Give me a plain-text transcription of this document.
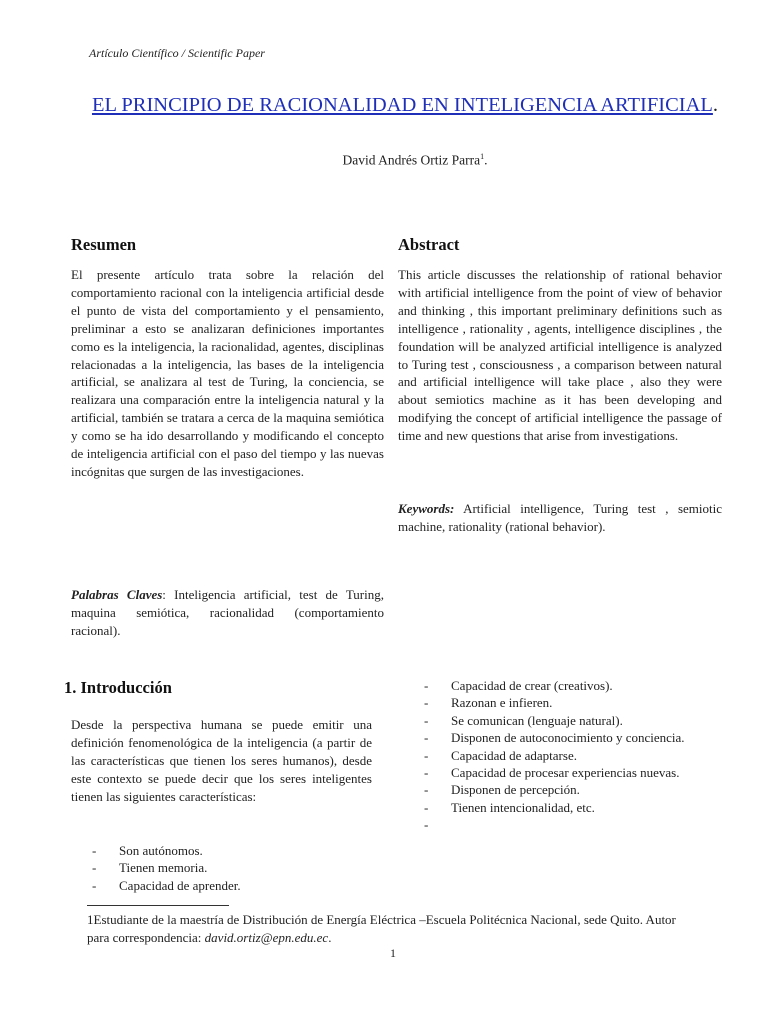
Artículo Científico / Scientific Paper
EL PRINCIPIO DE RACIONALIDAD EN INTELIGENCIA ARTIFICIAL.
David Andrés Ortiz Parra$^1$.
Resumen

El presente artículo trata sobre la relación del comportamiento racional con la inteligencia artificial desde el punto de vista del comportamiento y el pensamiento, preliminar a esto se analizaran definiciones importantes como es la inteligencia, la racionalidad, agentes, disciplinas relacionadas a la inteligencia, las bases de la inteligencia artificial, se analizara al test de Turing, la conciencia, se realizara una comparación entre la inteligencia natural y la artificial, también se tratara a cerca de la maquina semiótica y como se ha ido desarrollando y modificando el concepto de inteligencia artificial con el paso del tiempo y las nuevas incógnitas que surgen de las investigaciones.

Palabras Claves: Inteligencia artificial, test de Turing, maquina semiótica, racionalidad (comportamiento racional).

Abstract

This article discusses the relationship of rational behavior with artificial intelligence from the point of view of behavior and thinking , this important preliminary definitions such as intelligence , rationality , agents, intelligence disciplines , the foundation will be analyzed artificial intelligence is analyzed to Turing test , consciousness , a comparison between natural and artificial intelligence will take place , also they were about semiotics machine as it has been developing and modifying the concept of artificial intelligence the passage of time and new questions that arise from investigations.

Keywords: Artificial intelligence, Turing test , semiotic machine, rationality (rational behavior).

1. Introducción

Desde la perspectiva humana se puede emitir una definición fenomenológica de la inteligencia (a partir de las características que tienen los seres humanos), desde este contexto se puede decir que los seres inteligentes tienen las siguientes características:

- Son autónomos.
- Tienen memoria.
- Capacidad de aprender.
- Capacidad de crear (creativos).
- Razonan e infieren.
- Se comunican (lenguaje natural).
- Disponen de autoconocimiento y conciencia.
- Capacidad de adaptarse.
- Capacidad de procesar experiencias nuevas.
- Disponen de percepción.
- Tienen intencionalidad, etc.
-

1Estudiante de la maestría de Distribución de Energía Eléctrica –Escuela Politécnica Nacional, sede Quito. Autor para correspondencia: david.ortiz@epn.edu.ec.
1
